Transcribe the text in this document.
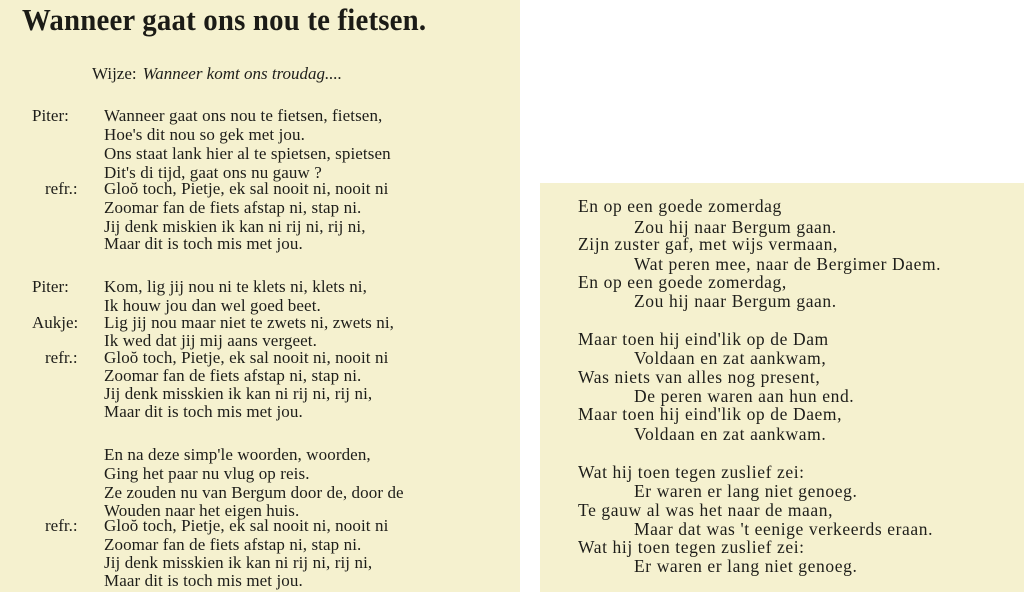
Wanneer gaat ons nou te fietsen.
Wijze: Wanneer komt ons troudag....
Piter: Wanneer gaat ons nou te fietsen, fietsen,
Hoe's dit nou so gek met jou.
Ons staat lank hier al te spietsen, spietsen
Dit's di tijd, gaat ons nu gauw ?
refr.: Gloŏ toch, Pietje, ek sal nooit ni, nooit ni
Zoomar fan de fiets afstap ni, stap ni.
Jij denk miskien ik kan ni rij ni, rij ni,
Maar dit is toch mis met jou.
Piter: Kom, lig jij nou ni te klets ni, klets ni,
Ik houw jou dan wel goed beet.
Aukje: Lig jij nou maar niet te zwets ni, zwets ni,
Ik wed dat jij mij aans vergeet.
refr.: Gloŏ toch, Pietje, ek sal nooit ni, nooit ni
Zoomar fan de fiets afstap ni, stap ni.
Jij denk misskien ik kan ni rij ni, rij ni,
Maar dit is toch mis met jou.
En na deze simp'le woorden, woorden,
Ging het paar nu vlug op reis.
Ze zouden nu van Bergum door de, door de
Wouden naar het eigen huis.
refr.: Gloŏ toch, Pietje, ek sal nooit ni, nooit ni
Zoomar fan de fiets afstap ni, stap ni.
Jij denk misskien ik kan ni rij ni, rij ni,
Maar dit is toch mis met jou.
En op een goede zomerdag
Zou hij naar Bergum gaan.
Zijn zuster gaf, met wijs vermaan,
Wat peren mee, naar de Bergimer Daem.
En op een goede zomerdag,
Zou hij naar Bergum gaan.
Maar toen hij eind'lik op de Dam
Voldaan en zat aankwam,
Was niets van alles nog present,
De peren waren aan hun end.
Maar toen hij eind'lik op de Daem,
Voldaan en zat aankwam.
Wat hij toen tegen zuslief zei:
Er waren er lang niet genoeg.
Te gauw al was het naar de maan,
Maar dat was 't eenige verkeerds eraan.
Wat hij toen tegen zuslief zei:
Er waren er lang niet genoeg.
